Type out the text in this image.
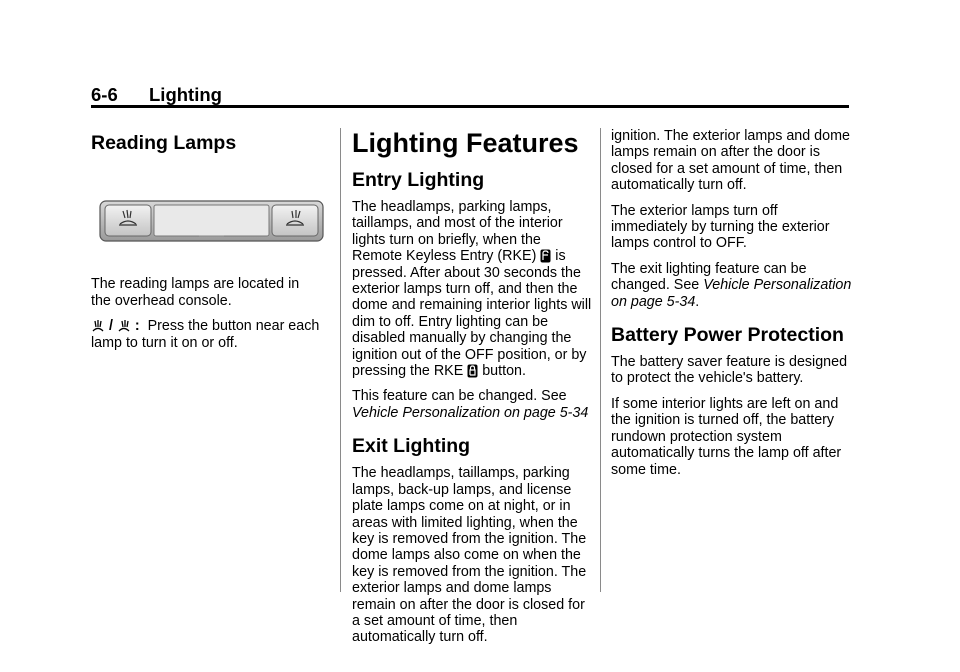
6-6 Lighting
Reading Lamps

The reading lamps are located in the overhead console.

/  : Press the button near each lamp to turn it on or off.

Lighting Features
Entry Lighting

The headlamps, parking lamps, taillamps, and most of the interior lights turn on briefly, when the Remote Keyless Entry (RKE) is pressed. After about 30 seconds the exterior lamps turn off, and then the dome and remaining interior lights will dim to off. Entry lighting can be disabled manually by changing the ignition out of the OFF position, or by pressing the RKE button.

This feature can be changed. See Vehicle Personalization on page 5-34

Exit Lighting

The headlamps, taillamps, parking lamps, back-up lamps, and license plate lamps come on at night, or in areas with limited lighting, when the key is removed from the ignition. The dome lamps also come on when the key is removed from the ignition. The exterior lamps and dome lamps remain on after the door is closed for a set amount of time, then automatically turn off.

ignition. The exterior lamps and dome lamps remain on after the door is closed for a set amount of time, then automatically turn off.

The exterior lamps turn off immediately by turning the exterior lamps control to OFF.

The exit lighting feature can be changed. See Vehicle Personalization on page 5-34.

Battery Power Protection

The battery saver feature is designed to protect the vehicle's battery.

If some interior lights are left on and the ignition is turned off, the battery rundown protection system automatically turns the lamp off after some time.
